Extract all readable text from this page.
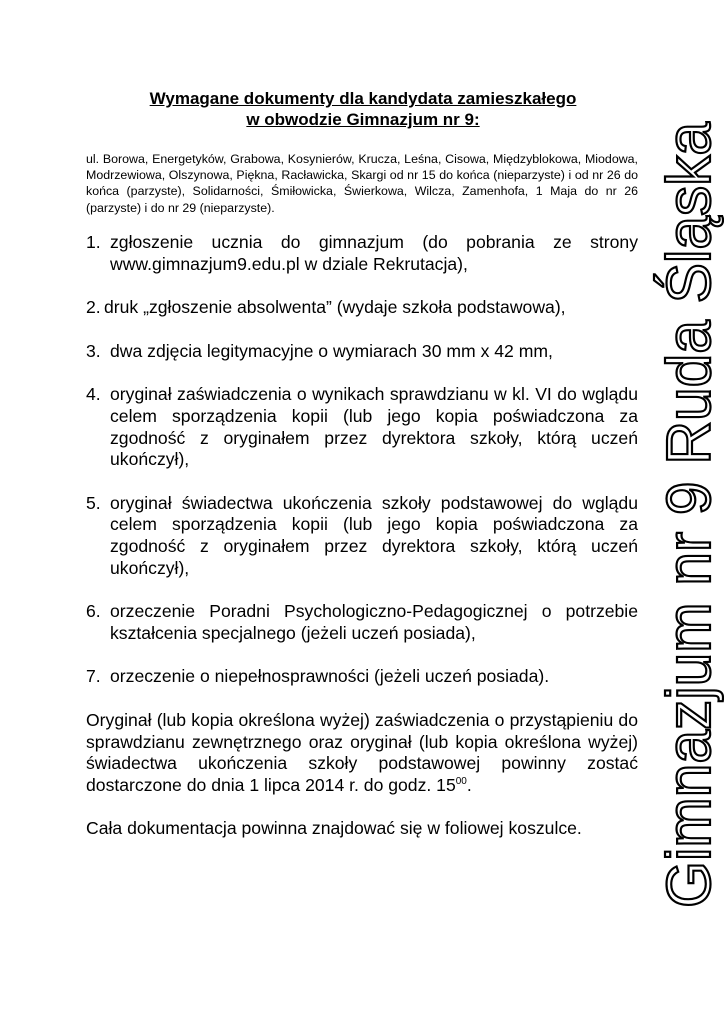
Wymagane dokumenty dla kandydata zamieszkałego
w obwodzie Gimnazjum nr 9:
ul. Borowa, Energetyków, Grabowa, Kosynierów, Krucza, Leśna, Cisowa, Międzyblokowa, Miodowa, Modrzewiowa, Olszynowa, Piękna, Racławicka, Skargi od nr 15 do końca (nieparzyste) i od nr 26 do końca (parzyste), Solidarności, Śmiłowicka, Świerkowa, Wilcza, Zamenhofa, 1 Maja do nr 26 (parzyste) i do nr 29 (nieparzyste).
1. zgłoszenie ucznia do gimnazjum (do pobrania ze strony www.gimnazjum9.edu.pl w dziale Rekrutacja),
2. druk „zgłoszenie absolwenta” (wydaje szkoła podstawowa),
3. dwa zdjęcia legitymacyjne o wymiarach 30 mm x 42 mm,
4. oryginał zaświadczenia o wynikach sprawdzianu w kl. VI do wglądu celem sporządzenia kopii (lub jego kopia poświadczona za zgodność z oryginałem przez dyrektora szkoły, którą uczeń ukończył),
5. oryginał świadectwa ukończenia szkoły podstawowej do wglądu celem sporządzenia kopii (lub jego kopia poświadczona za zgodność z oryginałem przez dyrektora szkoły, którą uczeń ukończył),
6. orzeczenie Poradni Psychologiczno-Pedagogicznej o potrzebie kształcenia specjalnego (jeżeli uczeń posiada),
7. orzeczenie o niepełnosprawności (jeżeli uczeń posiada).
Oryginał (lub kopia określona wyżej) zaświadczenia o przystąpieniu do sprawdzianu zewnętrznego oraz oryginał (lub kopia określona wyżej) świadectwa ukończenia szkoły podstawowej powinny zostać dostarczone do dnia 1 lipca 2014 r. do godz. $15^{00}$.
Cała dokumentacja powinna znajdować się w foliowej koszulce.	Gimnazjum nr 9 Ruda Śląska
